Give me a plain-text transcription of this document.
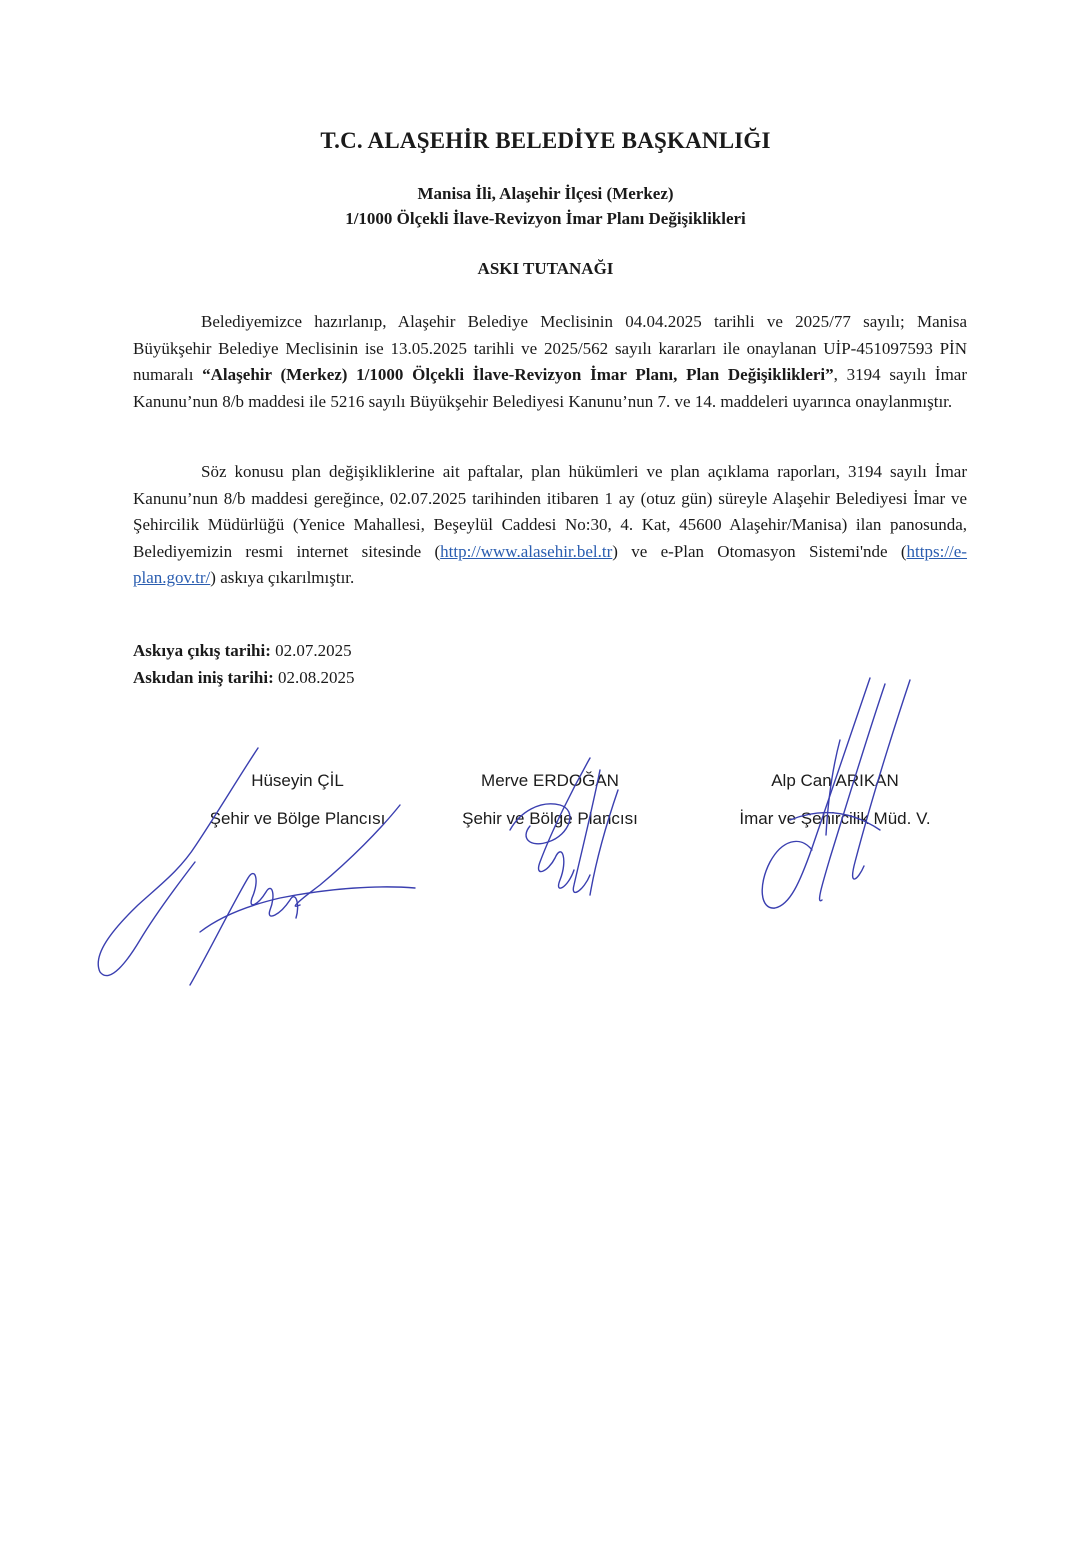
T.C. ALAŞEHİR BELEDİYE BAŞKANLIĞI
Manisa İli, Alaşehir İlçesi (Merkez)
1/1000 Ölçekli İlave-Revizyon İmar Planı Değişiklikleri
ASKI TUTANAĞI
Belediyemizce hazırlanıp, Alaşehir Belediye Meclisinin 04.04.2025 tarihli ve 2025/77 sayılı; Manisa Büyükşehir Belediye Meclisinin ise 13.05.2025 tarihli ve 2025/562 sayılı kararları ile onaylanan UİP-451097593 PİN numaralı “Alaşehir (Merkez) 1/1000 Ölçekli İlave-Revizyon İmar Planı, Plan Değişiklikleri”, 3194 sayılı İmar Kanunu’nun 8/b maddesi ile 5216 sayılı Büyükşehir Belediyesi Kanunu’nun 7. ve 14. maddeleri uyarınca onaylanmıştır.
Söz konusu plan değişikliklerine ait paftalar, plan hükümleri ve plan açıklama raporları, 3194 sayılı İmar Kanunu’nun 8/b maddesi gereğince, 02.07.2025 tarihinden itibaren 1 ay (otuz gün) süreyle Alaşehir Belediyesi İmar ve Şehircilik Müdürlüğü (Yenice Mahallesi, Beşeylül Caddesi No:30, 4. Kat, 45600 Alaşehir/Manisa) ilan panosunda, Belediyemizin resmi internet sitesinde (http://www.alasehir.bel.tr) ve e-Plan Otomasyon Sistemi'nde (https://e-plan.gov.tr/) askıya çıkarılmıştır.
Askıya çıkış tarihi: 02.07.2025
Askıdan iniş tarihi: 02.08.2025
Hüseyin ÇİL
Şehir ve Bölge Plancısı
Merve ERDOĞAN
Şehir ve Bölge Plancısı
Alp Can ARIKAN
İmar ve Şehircilik Müd. V.
